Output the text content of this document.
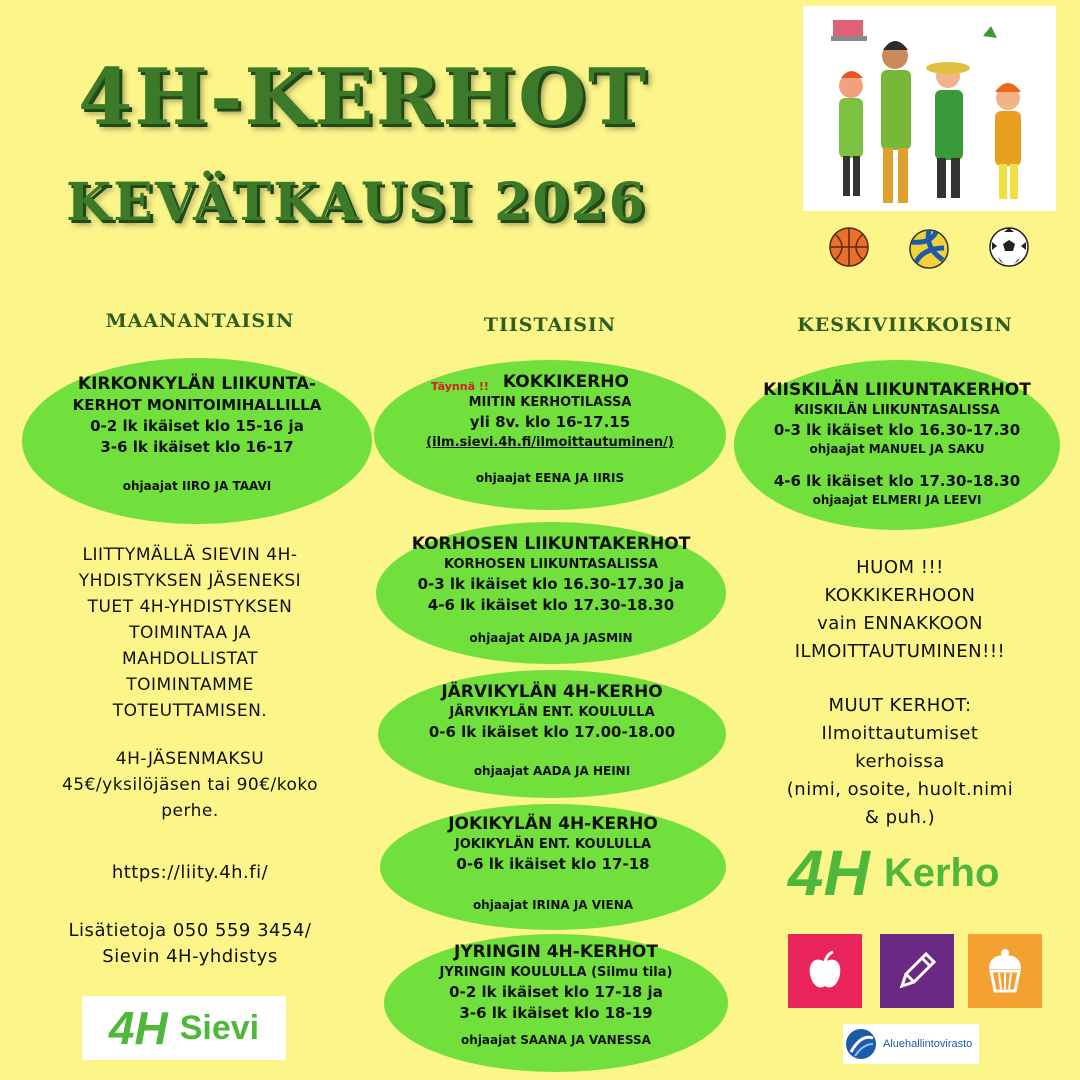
4H-KERHOT
KEVÄTKAUSI 2026
MAANANTAISIN	TIISTAISIN	KESKIVIIKKOISIN
KIRKONKYLÄN LIIKUNTA-
KERHOT MONITOIMIHALLILLA
0-2 lk ikäiset klo 15-16 ja
3-6 lk ikäiset klo 16-17
ohjaajat IIRO JA TAAVI
LIITTYMÄLLÄ SIEVIN 4H-
YHDISTYKSEN JÄSENEKSI
TUET 4H-YHDISTYKSEN
TOIMINTAA JA
MAHDOLLISTAT
TOIMINTAMME
TOTEUTTAMISEN.
4H-JÄSENMAKSU
45€/yksilöjäsen tai 90€/koko
perhe.
https://liity.4h.fi/
Lisätietoja 050 559 3454/
Sievin 4H-yhdistys
4H Sievi
Täynnä !! KOKKIKERHO
MIITIN KERHOTILASSA
yli 8v. klo 16-17.15
(ilm.sievi.4h.fi/ilmoittautuminen/)
ohjaajat EENA JA IIRIS
KORHOSEN LIIKUNTAKERHOT
KORHOSEN LIIKUNTASALISSA
0-3 lk ikäiset klo 16.30-17.30 ja
4-6 lk ikäiset klo 17.30-18.30
ohjaajat AIDA JA JASMIN
JÄRVIKYLÄN 4H-KERHO
JÄRVIKYLÄN ENT. KOULULLA
0-6 lk ikäiset klo 17.00-18.00
ohjaajat AADA JA HEINI
JOKIKYLÄN 4H-KERHO
JOKIKYLÄN ENT. KOULULLA
0-6 lk ikäiset klo 17-18
ohjaajat IRINA JA VIENA
JYRINGIN 4H-KERHOT
JYRINGIN KOULULLA (Silmu tila)
0-2 lk ikäiset klo 17-18 ja
3-6 lk ikäiset klo 18-19
ohjaajat SAANA JA VANESSA
KIISKILÄN LIIKUNTAKERHOT
KIISKILÄN LIIKUNTASALISSA
0-3 lk ikäiset klo 16.30-17.30
ohjaajat MANUEL JA SAKU
4-6 lk ikäiset klo 17.30-18.30
ohjaajat ELMERI JA LEEVI
HUOM !!!
KOKKIKERHOON
vain ENNAKKOON
ILMOITTAUTUMINEN!!!
MUUT KERHOT:
Ilmoittautumiset
kerhoissa
(nimi, osoite, huolt.nimi
& puh.)
4H Kerho
Aluehallintovirasto
